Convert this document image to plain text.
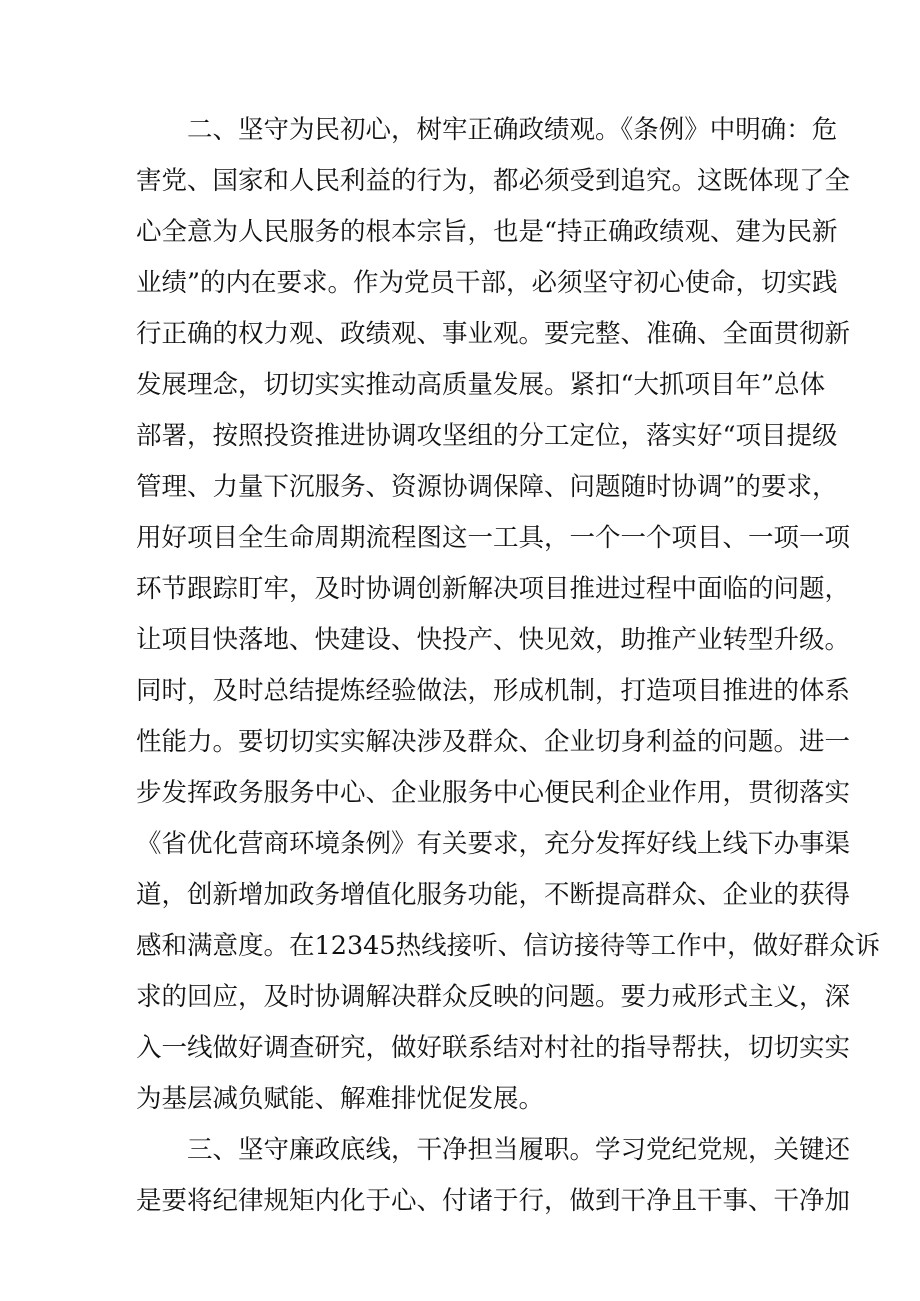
二、坚守为民初心，树牢正确政绩观。《条例》中明确：危
害党、国家和人民利益的行为，都必须受到追究。这既体现了全
心全意为人民服务的根本宗旨，也是“持正确政绩观、建为民新
业绩”的内在要求。作为党员干部，必须坚守初心使命，切实践
行正确的权力观、政绩观、事业观。要完整、准确、全面贯彻新
发展理念，切切实实推动高质量发展。紧扣“大抓项目年”总体
部署，按照投资推进协调攻坚组的分工定位，落实好“项目提级
管理、力量下沉服务、资源协调保障、问题随时协调”的要求，
用好项目全生命周期流程图这一工具，一个一个项目、一项一项
环节跟踪盯牢，及时协调创新解决项目推进过程中面临的问题，
让项目快落地、快建设、快投产、快见效，助推产业转型升级。
同时，及时总结提炼经验做法，形成机制，打造项目推进的体系
性能力。要切切实实解决涉及群众、企业切身利益的问题。进一
步发挥政务服务中心、企业服务中心便民利企业作用，贯彻落实
《省优化营商环境条例》有关要求，充分发挥好线上线下办事渠
道，创新增加政务增值化服务功能，不断提高群众、企业的获得
感和满意度。在12345热线接听、信访接待等工作中，做好群众诉
求的回应，及时协调解决群众反映的问题。要力戒形式主义，深
入一线做好调查研究，做好联系结对村社的指导帮扶，切切实实
为基层减负赋能、解难排忧促发展。
三、坚守廉政底线，干净担当履职。学习党纪党规，关键还
是要将纪律规矩内化于心、付诸于行，做到干净且干事、干净加
